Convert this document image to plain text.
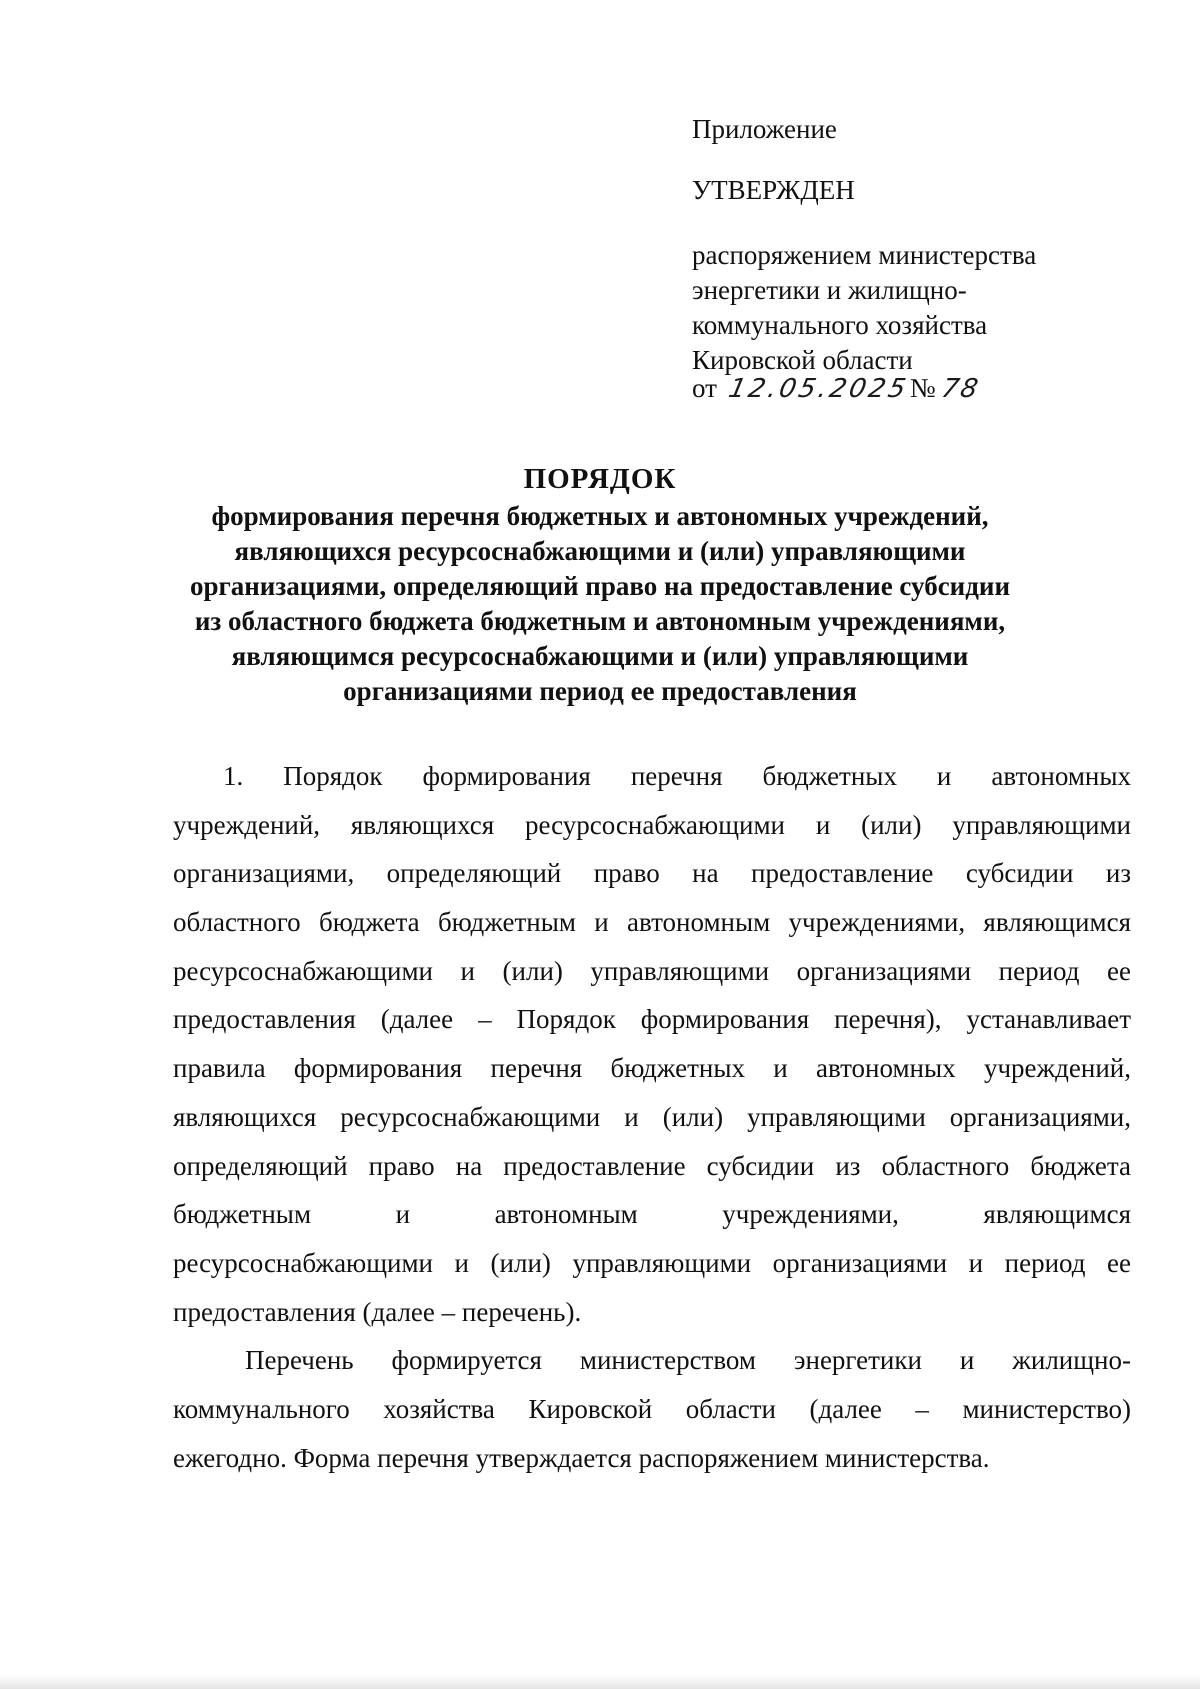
Приложение
УТВЕРЖДЕН
распоряжением министерства
энергетики и жилищно-
коммунального хозяйства
Кировской области
от 12.05.2025
№ 78
ПОРЯДОК
формирования перечня бюджетных и автономных учреждений,
являющихся ресурсоснабжающими и (или) управляющими
организациями, определяющий право на предоставление субсидии
из областного бюджета бюджетным и автономным учреждениями,
являющимся ресурсоснабжающими и (или) управляющими
организациями период ее предоставления
1. Порядок формирования перечня бюджетных и автономных
учреждений, являющихся ресурсоснабжающими и (или) управляющими
организациями, определяющий право на предоставление субсидии из
областного бюджета бюджетным и автономным учреждениями, являющимся
ресурсоснабжающими и (или) управляющими организациями период ее
предоставления (далее – Порядок формирования перечня), устанавливает
правила формирования перечня бюджетных и автономных учреждений,
являющихся ресурсоснабжающими и (или) управляющими организациями,
определяющий право на предоставление субсидии из областного бюджета
бюджетным и автономным учреждениями, являющимся
ресурсоснабжающими и (или) управляющими организациями и период ее
предоставления (далее – перечень).
Перечень формируется министерством энергетики и жилищно-
коммунального хозяйства Кировской области (далее – министерство)
ежегодно. Форма перечня утверждается распоряжением министерства.
